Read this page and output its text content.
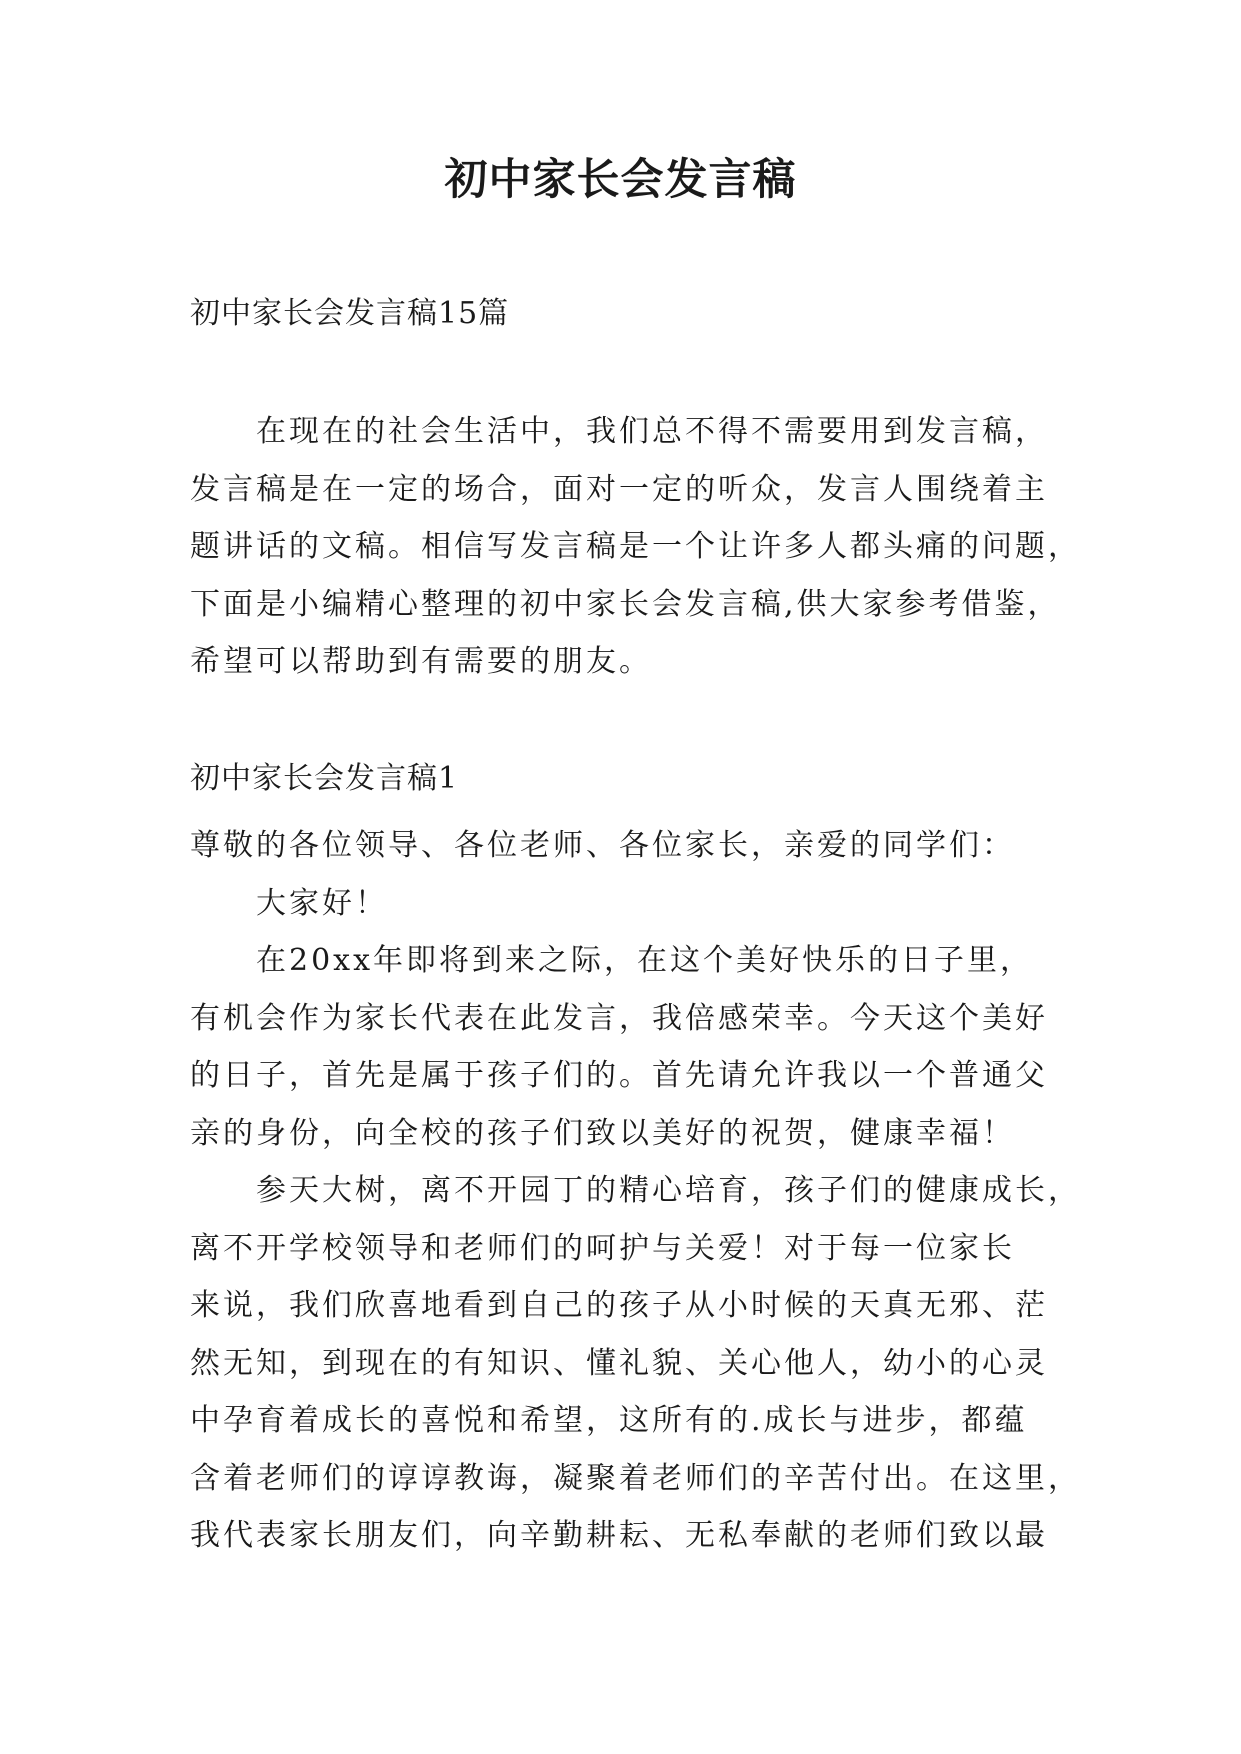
初中家长会发言稿
初中家长会发言稿15篇
在现在的社会生活中，我们总不得不需要用到发言稿，
发言稿是在一定的场合，面对一定的听众，发言人围绕着主
题讲话的文稿。相信写发言稿是一个让许多人都头痛的问题，
下面是小编精心整理的初中家长会发言稿,供大家参考借鉴，
希望可以帮助到有需要的朋友。
初中家长会发言稿1
尊敬的各位领导、各位老师、各位家长，亲爱的同学们：
大家好！
在20xx年即将到来之际，在这个美好快乐的日子里，
有机会作为家长代表在此发言，我倍感荣幸。今天这个美好
的日子，首先是属于孩子们的。首先请允许我以一个普通父
亲的身份，向全校的孩子们致以美好的祝贺，健康幸福！
参天大树，离不开园丁的精心培育，孩子们的健康成长，
离不开学校领导和老师们的呵护与关爱！对于每一位家长
来说，我们欣喜地看到自己的孩子从小时候的天真无邪、茫
然无知，到现在的有知识、懂礼貌、关心他人，幼小的心灵
中孕育着成长的喜悦和希望，这所有的.成长与进步，都蕴
含着老师们的谆谆教诲，凝聚着老师们的辛苦付出。在这里，
我代表家长朋友们，向辛勤耕耘、无私奉献的老师们致以最
